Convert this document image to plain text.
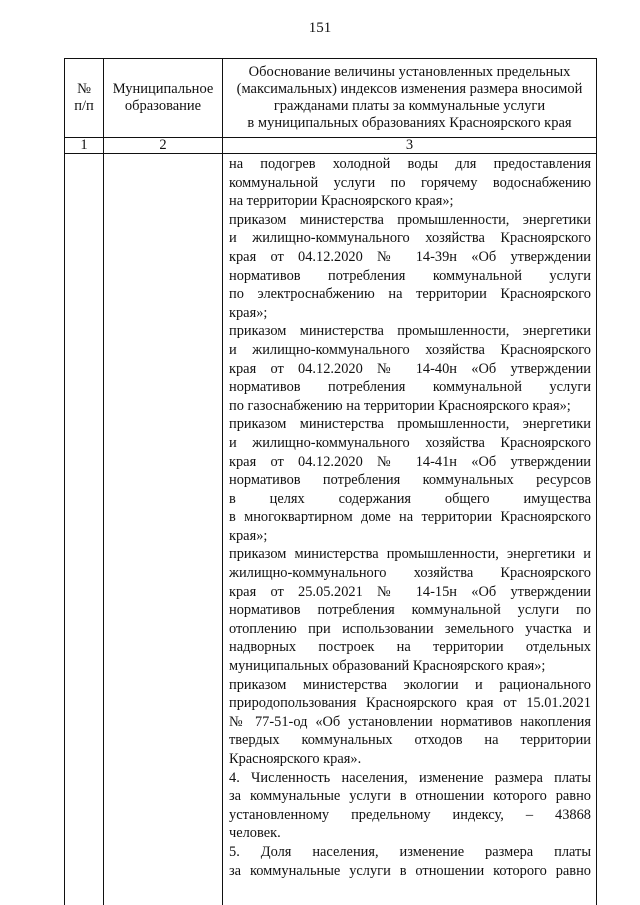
151
№
п/п
Муниципальное
образование
Обоснование величины установленных предельных
(максимальных) индексов изменения размера вносимой
гражданами платы за коммунальные услуги
в муниципальных образованиях Красноярского края
1	2	3
на подогрев холодной воды для предоставления
коммунальной услуги по горячему водоснабжению
на территории Красноярского края»;
приказом министерства промышленности, энергетики
и жилищно-коммунального хозяйства Красноярского
края от 04.12.2020 № 14-39н «Об утверждении
нормативов потребления коммунальной услуги
по электроснабжению на территории Красноярского
края»;
приказом министерства промышленности, энергетики
и жилищно-коммунального хозяйства Красноярского
края от 04.12.2020 № 14-40н «Об утверждении
нормативов потребления коммунальной услуги
по газоснабжению на территории Красноярского края»;
приказом министерства промышленности, энергетики
и жилищно-коммунального хозяйства Красноярского
края от 04.12.2020 № 14-41н «Об утверждении
нормативов потребления коммунальных ресурсов
в целях содержания общего имущества
в многоквартирном доме на территории Красноярского
края»;
приказом министерства промышленности, энергетики и
жилищно-коммунального хозяйства Красноярского
края от 25.05.2021 № 14-15н «Об утверждении
нормативов потребления коммунальной услуги по
отоплению при использовании земельного участка и
надворных построек на территории отдельных
муниципальных образований Красноярского края»;
приказом министерства экологии и рационального
природопользования Красноярского края от 15.01.2021
№ 77-51-од «Об установлении нормативов накопления
твердых коммунальных отходов на территории
Красноярского края».
4. Численность населения, изменение размера платы
за коммунальные услуги в отношении которого равно
установленному предельному индексу, – 43868
человек.
5. Доля населения, изменение размера платы
за коммунальные услуги в отношении которого равно
